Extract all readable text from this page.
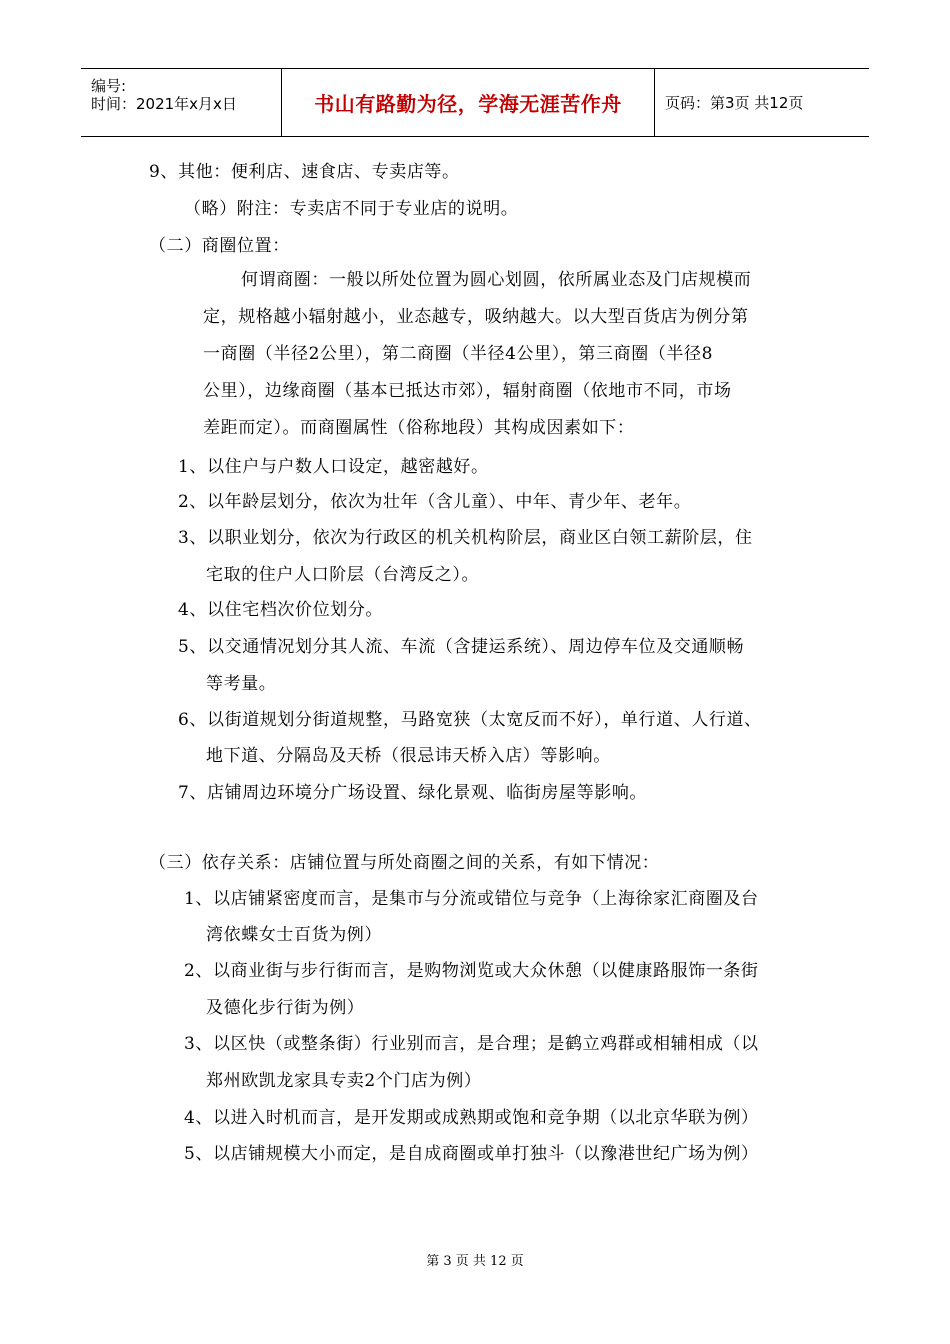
编号:
时间：2021年x月x日	书山有路勤为径，学海无涯苦作舟	页码：第3页 共12页
9、其他：便利店、速食店、专卖店等。
（略）附注：专卖店不同于专业店的说明。
（二）商圈位置：
何谓商圈：一般以所处位置为圆心划圆，依所属业态及门店规模而
定，规格越小辐射越小，业态越专，吸纳越大。以大型百货店为例分第
一商圈（半径2公里），第二商圈（半径4公里），第三商圈（半径8
公里），边缘商圈（基本已抵达市郊），辐射商圈（依地市不同，市场
差距而定）。而商圈属性（俗称地段）其构成因素如下：
1、以住户与户数人口设定，越密越好。
2、以年龄层划分，依次为壮年（含儿童）、中年、青少年、老年。
3、以职业划分，依次为行政区的机关机构阶层，商业区白领工薪阶层，住
宅取的住户人口阶层（台湾反之）。
4、以住宅档次价位划分。
5、以交通情况划分其人流、车流（含捷运系统）、周边停车位及交通顺畅
等考量。
6、以街道规划分街道规整，马路宽狭（太宽反而不好），单行道、人行道、
地下道、分隔岛及天桥（很忌讳天桥入店）等影响。
7、店铺周边环境分广场设置、绿化景观、临街房屋等影响。
（三）依存关系：店铺位置与所处商圈之间的关系，有如下情况：
1、以店铺紧密度而言，是集市与分流或错位与竞争（上海徐家汇商圈及台
湾依蝶女士百货为例）
2、以商业街与步行街而言，是购物浏览或大众休憩（以健康路服饰一条街
及德化步行街为例）
3、以区快（或整条街）行业别而言，是合理；是鹤立鸡群或相辅相成（以
郑州欧凯龙家具专卖2个门店为例）
4、以进入时机而言，是开发期或成熟期或饱和竞争期（以北京华联为例）
5、以店铺规模大小而定，是自成商圈或单打独斗（以豫港世纪广场为例）
第 3 页 共 12 页
